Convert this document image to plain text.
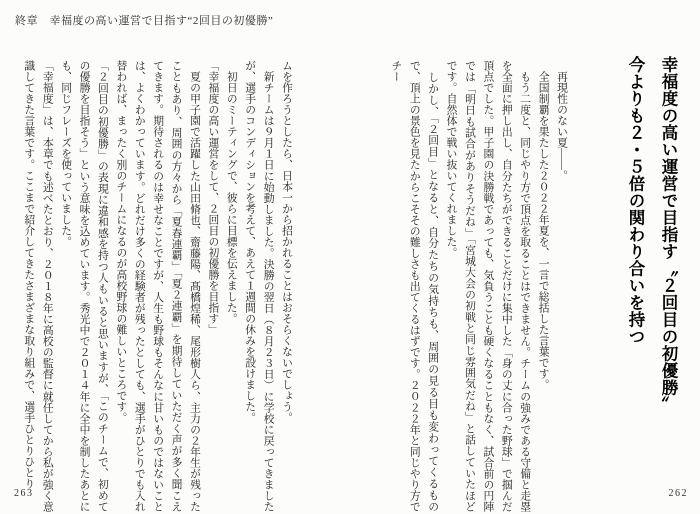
終章　幸福度の高い運営で目指す“2回目の初優勝”

幸福度の高い運営で目指す〝２回目の初優勝〟

今よりも２・５倍の関わり合いを持つ

　再現性のない夏――。

　全国制覇を果たした２０２２年夏を、一言で総括した言葉です。

　もう二度と、同じやり方で頂点を取ることはできません。チームの強みである守備と走塁を全面に押し出し、自分たちができることだけに集中した「身の丈に合った野球」で掴んだ頂点でした。甲子園の決勝戦であっても、気負うことも硬くなることもなく、試合前の円陣では「明日も試合がありそうだね」「宮城大会の初戦と同じ雰囲気だね」と話していたほどです。自然体で戦い抜いてくれました。

　しかし、「２回目」となると、自分たちの気持ちも、周囲の見る目も変わってくるもので、頂上の景色を見たからこそその難しさも出てくるはずです。２０２２年と同じやり方でチー

262

ムを作ろうとしたら、日本一から招かれることはおそらくないでしょう。

　新チームは９月１日に始動しました。決勝の翌日（８月２３日）に学校に戻ってきましたが、選手のコンディションを考えて、あえて１週間の休みを設けました。

　初日のミーティングで、彼らに目標を伝えました。

「幸福度の高い運営をして、２回目の初優勝を目指す」

　夏の甲子園で活躍した山田脩也、齋藤陽、髙橋煌稀、尾形樹人ら、主力の２年生が残ったこともあり、周囲の方々から「夏春連覇」「夏２連覇」を期待していただく声が多く聞こえてきます。期待されるのは幸せなことですが、人生も野球もそんなに甘いものではないことは、よくわかっています。どれだけ多くの経験者が残ったとしても、選手がひとりでも入れ替われば、まったく別のチームになるのが高校野球の難しいところです。

「２回目の初優勝」の表現に違和感を持つ人もいると思いますが、「このチームで、初めての優勝を目指そう」という意味を込めています。秀光中で２０１４年に全中を制したあとにも、同じフレーズを使っていました。

「幸福度」は、本章でも述べたとおり、２０１８年に高校の監督に就任してから私が強く意識してきた言葉です。ここまで紹介してきたさまざまな取り組みで、選手ひとりひとり

263
